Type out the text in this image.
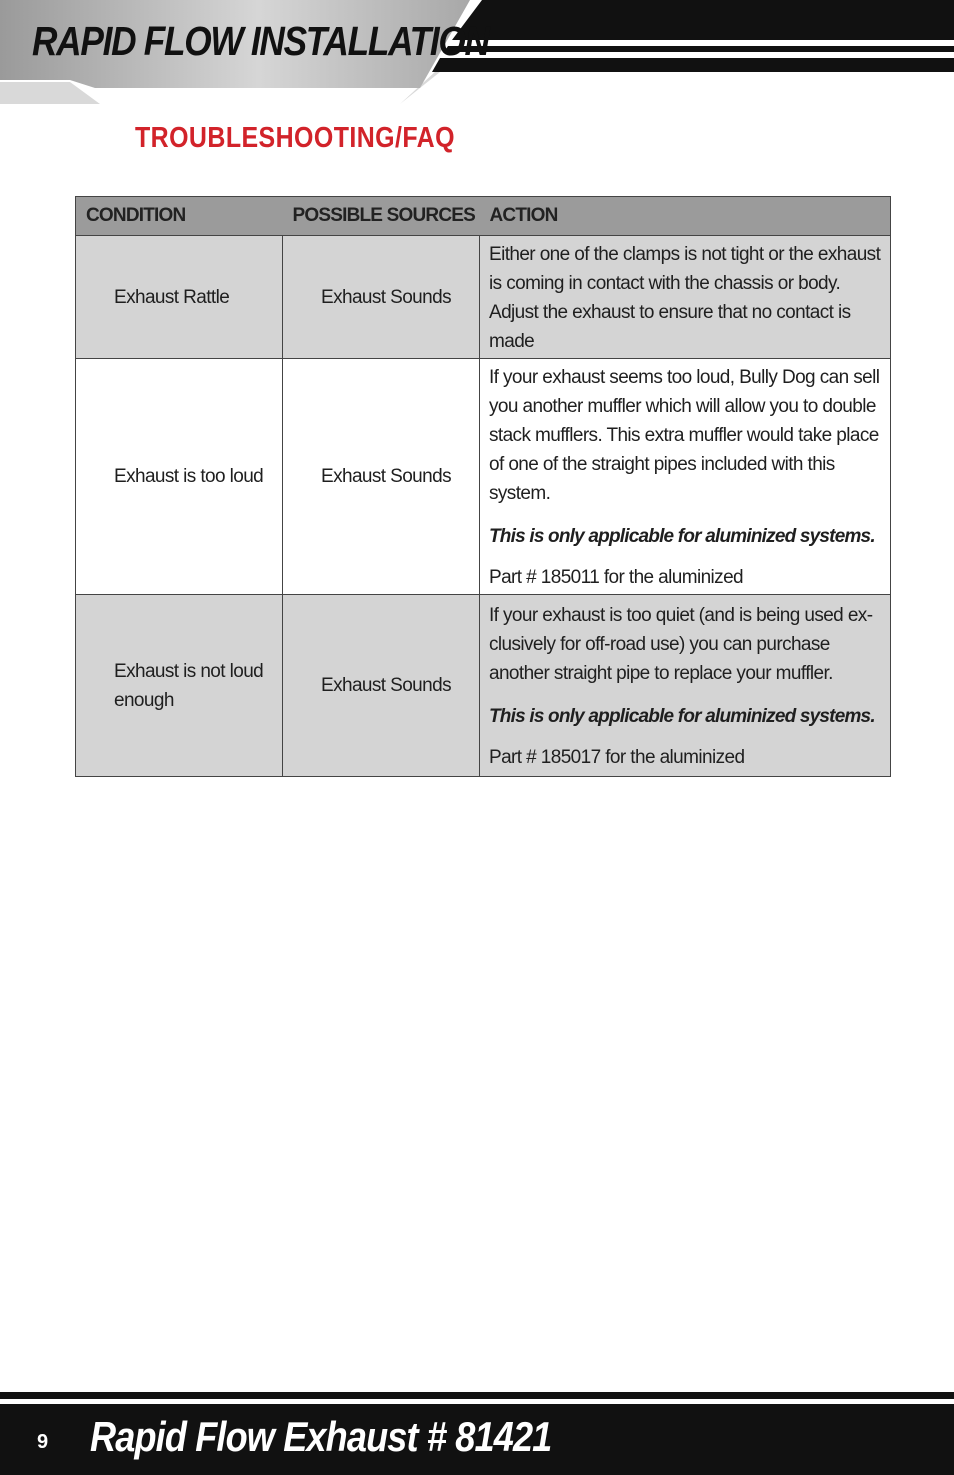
RAPID FLOW INSTALLATION
TROUBLESHOOTING/FAQ
CONDITION	POSSIBLE SOURCES	ACTION
Exhaust Rattle	Exhaust Sounds	Either one of the clamps is not tight or the exhaust is coming in contact with the chassis or body. Adjust the exhaust to ensure that no contact is made

Exhaust is too loud	Exhaust Sounds	If your exhaust seems too loud, Bully Dog can sell you another muffler which will allow you to double stack mufflers. This extra muffler would take place of one of the straight pipes included with this system.

This is only applicable for aluminized systems.

Part # 185011 for the aluminized

Exhaust is not loud enough	Exhaust Sounds	If your exhaust is too quiet (and is being used ex-clusively for off-road use) you can purchase another straight pipe to replace your muffler.

This is only applicable for aluminized systems.

Part # 185017 for the aluminized

9 Rapid Flow Exhaust # 81421
